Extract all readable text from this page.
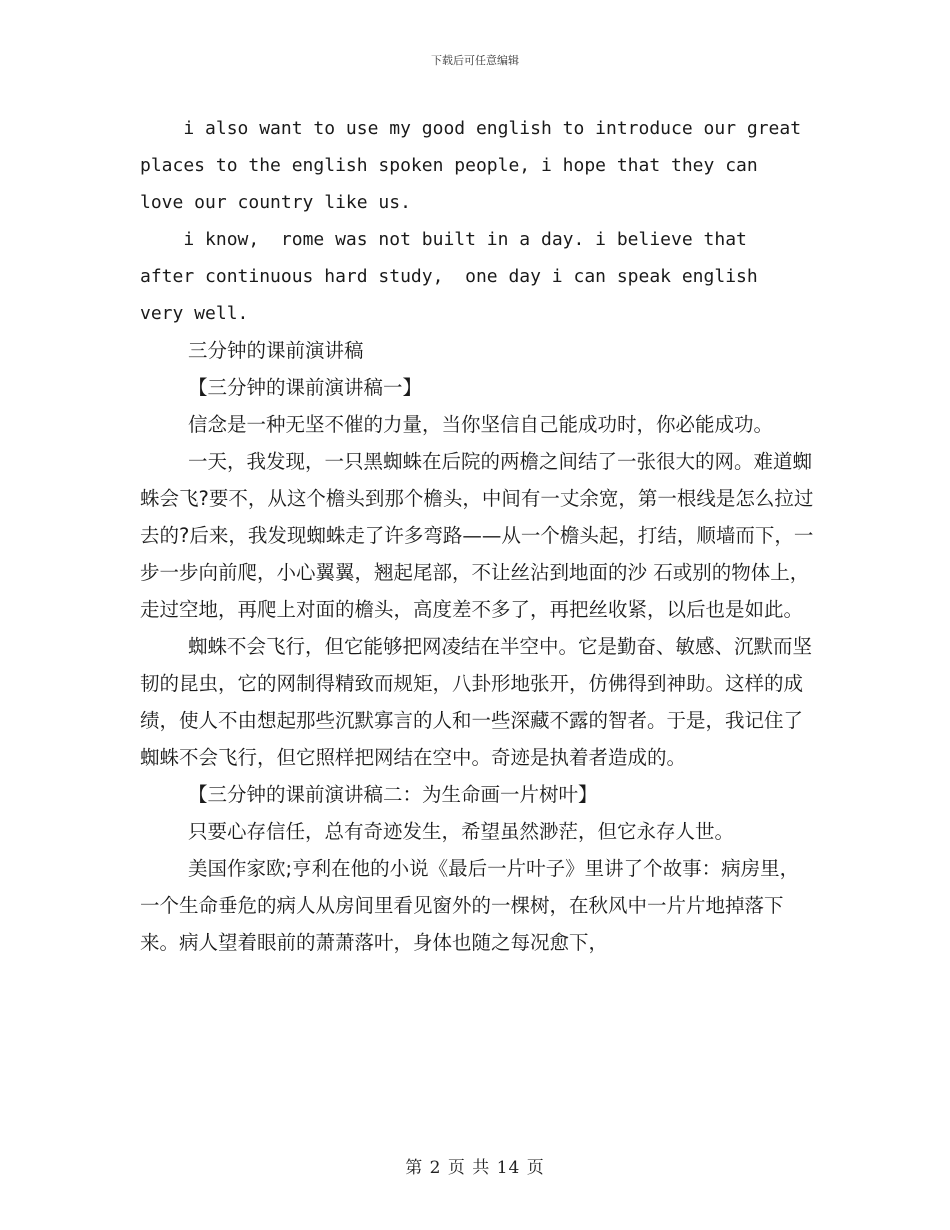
下载后可任意编辑

i also want to use my good english to introduce our great
places to the english spoken people, i hope that they can
love our country like us.

i know,  rome was not built in a day. i believe that
after continuous hard study,  one day i can speak english
very well.

三分钟的课前演讲稿

【三分钟的课前演讲稿一】

信念是一种无坚不催的力量，当你坚信自己能成功时，你必能成功。

一天，我发现，一只黑蜘蛛在后院的两檐之间结了一张很大的网。难道蜘蛛会飞?要不，从这个檐头到那个檐头，中间有一丈余宽，第一根线是怎么拉过去的?后来，我发现蜘蛛走了许多弯路——从一个檐头起，打结，顺墙而下，一步一步向前爬，小心翼翼，翘起尾部，不让丝沾到地面的沙 石或别的物体上，走过空地，再爬上对面的檐头，高度差不多了，再把丝收紧，以后也是如此。

蜘蛛不会飞行，但它能够把网凌结在半空中。它是勤奋、敏感、沉默而坚韧的昆虫，它的网制得精致而规矩，八卦形地张开，仿佛得到神助。这样的成绩，使人不由想起那些沉默寡言的人和一些深藏不露的智者。于是，我记住了蜘蛛不会飞行，但它照样把网结在空中。奇迹是执着者造成的。

【三分钟的课前演讲稿二：为生命画一片树叶】

只要心存信任，总有奇迹发生，希望虽然渺茫，但它永存人世。

美国作家欧;亨利在他的小说《最后一片叶子》里讲了个故事：病房里，一个生命垂危的病人从房间里看见窗外的一棵树，在秋风中一片片地掉落下来。病人望着眼前的萧萧落叶，身体也随之每况愈下，

第 2 页 共 14 页
